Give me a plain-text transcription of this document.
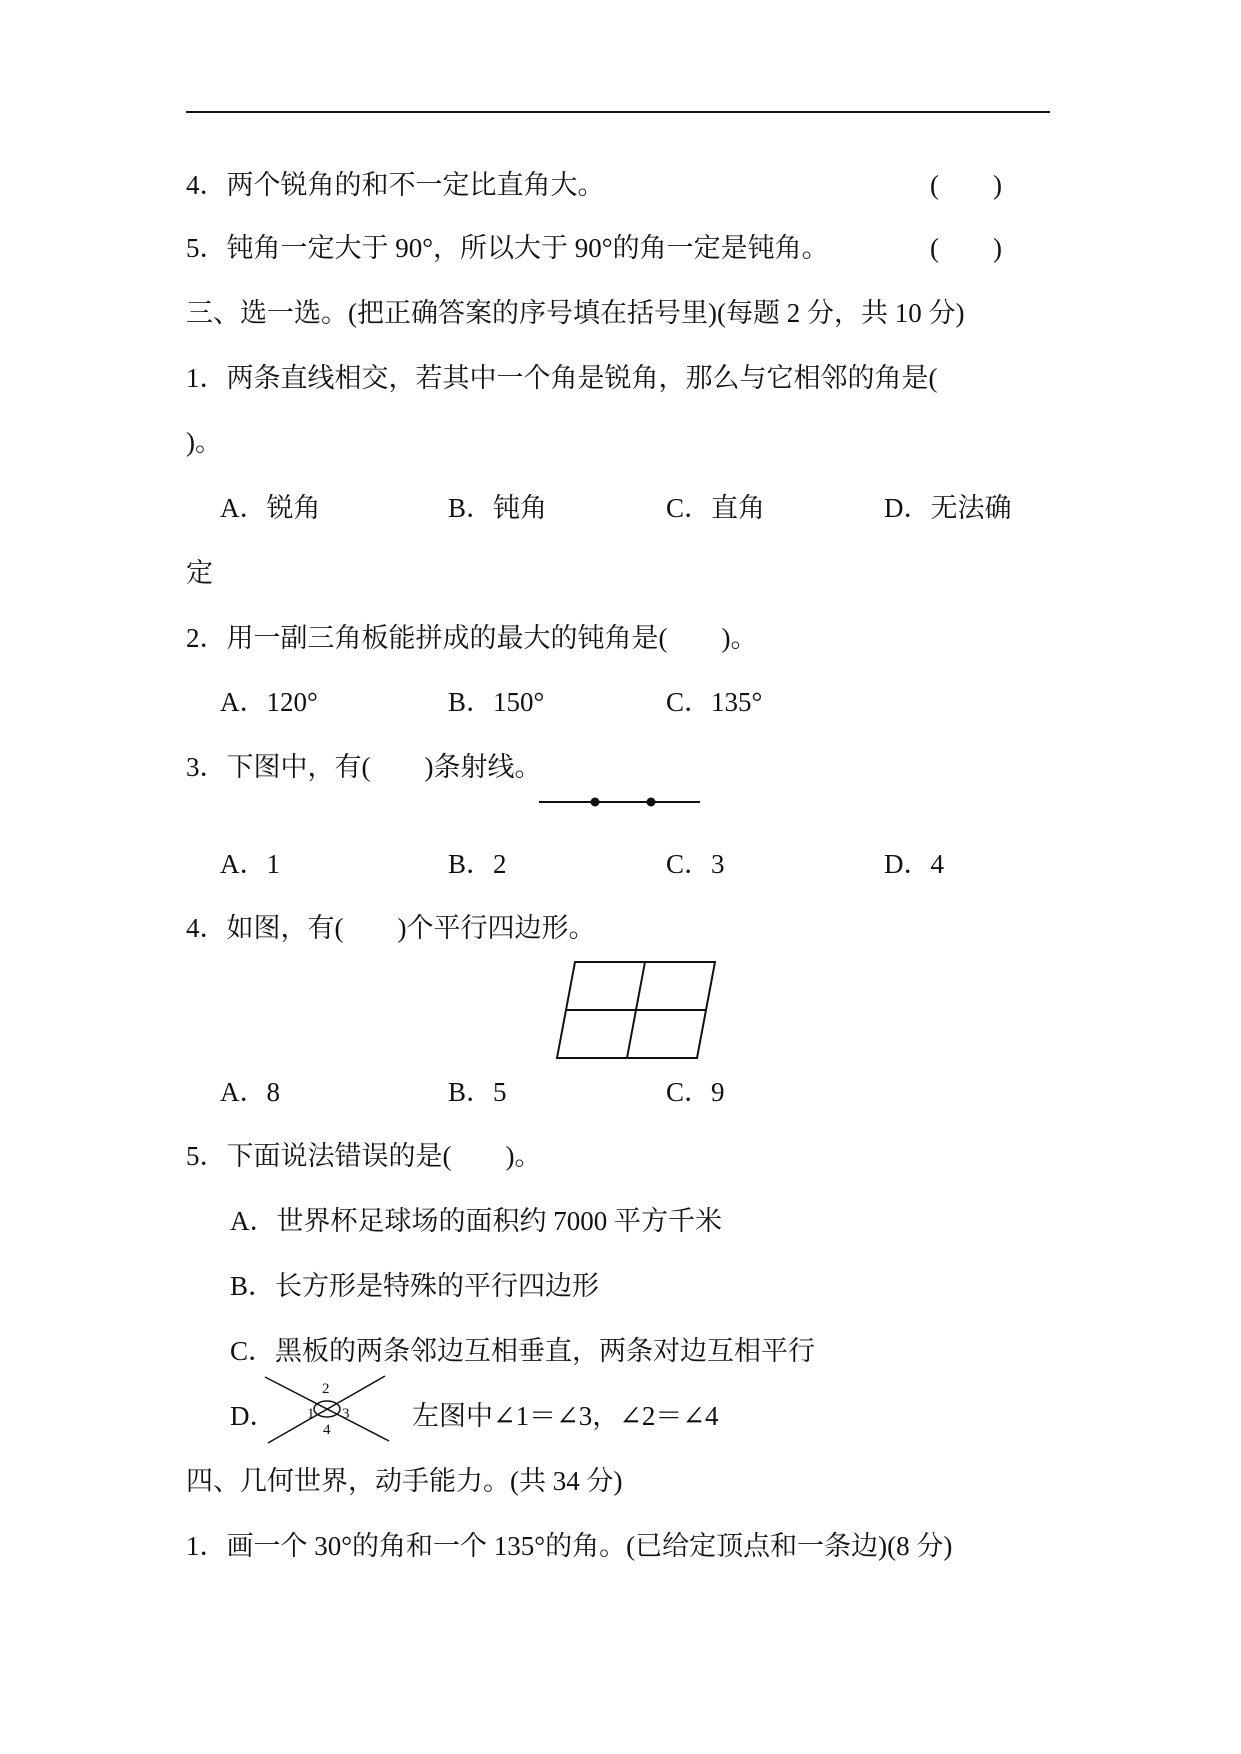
4．两个锐角的和不一定比直角大。	(　　)
5．钝角一定大于 90°，所以大于 90°的角一定是钝角。	(　　)
三、选一选。(把正确答案的序号填在括号里)(每题 2 分，共 10 分)
1．两条直线相交，若其中一个角是锐角，那么与它相邻的角是(
)。
A．锐角	B．钝角	C．直角	D．无法确
定
2．用一副三角板能拼成的最大的钝角是(　　)。
A．120°	B．150°	C．135°
3．下图中，有(　　)条射线。
A．1	B．2	C．3	D．4
4．如图，有(　　)个平行四边形。
A．8	B．5	C．9
5．下面说法错误的是(　　)。
A．世界杯足球场的面积约 7000 平方千米
B．长方形是特殊的平行四边形
C．黑板的两条邻边互相垂直，两条对边互相平行
D．	左图中∠1＝∠3，∠2＝∠4
四、几何世界，动手能力。(共 34 分)
1．画一个 30°的角和一个 135°的角。(已给定顶点和一条边)(8 分)
1
2
3
4
